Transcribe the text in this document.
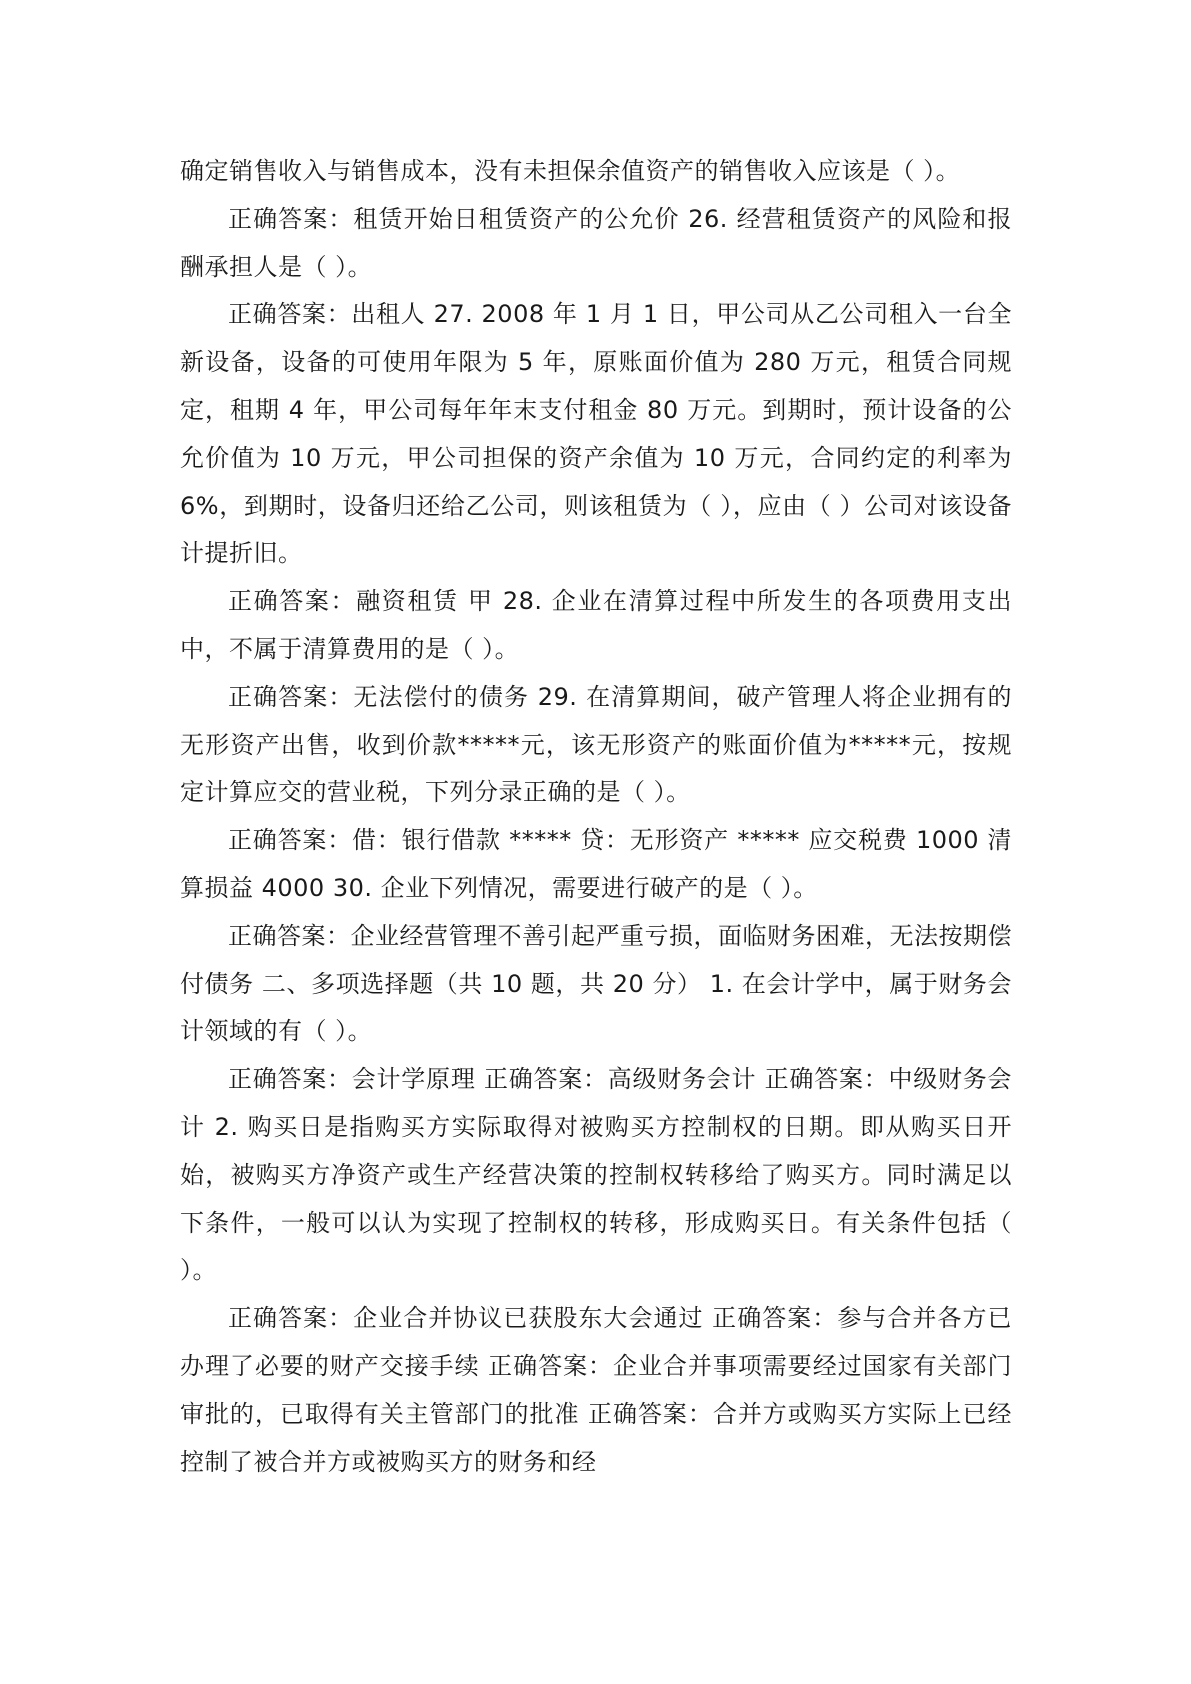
确定销售收入与销售成本，没有未担保余值资产的销售收入应该是（ ）。

正确答案：租赁开始日租赁资产的公允价 26. 经营租赁资产的风险和报酬承担人是（ ）。

正确答案：出租人 27. 2008 年 1 月 1 日，甲公司从乙公司租入一台全新设备，设备的可使用年限为 5 年，原账面价值为 280 万元，租赁合同规定，租期 4 年，甲公司每年年末支付租金 80 万元。到期时，预计设备的公允价值为 10 万元，甲公司担保的资产余值为 10 万元，合同约定的利率为 6%，到期时，设备归还给乙公司，则该租赁为（ ），应由（ ）公司对该设备计提折旧。

正确答案：融资租赁 甲 28. 企业在清算过程中所发生的各项费用支出中，不属于清算费用的是（ ）。

正确答案：无法偿付的债务 29. 在清算期间，破产管理人将企业拥有的无形资产出售，收到价款*****元，该无形资产的账面价值为*****元，按规定计算应交的营业税，下列分录正确的是（ ）。

正确答案：借：银行借款 ***** 贷：无形资产 ***** 应交税费 1000 清算损益 4000 30. 企业下列情况，需要进行破产的是（ ）。

正确答案：企业经营管理不善引起严重亏损，面临财务困难，无法按期偿付债务 二、多项选择题（共 10 题，共 20 分） 1. 在会计学中，属于财务会计领域的有（ ）。

正确答案：会计学原理 正确答案：高级财务会计 正确答案：中级财务会计 2. 购买日是指购买方实际取得对被购买方控制权的日期。即从购买日开始，被购买方净资产或生产经营决策的控制权转移给了购买方。同时满足以下条件，一般可以认为实现了控制权的转移，形成购买日。有关条件包括（ ）。

正确答案：企业合并协议已获股东大会通过 正确答案：参与合并各方已办理了必要的财产交接手续 正确答案：企业合并事项需要经过国家有关部门审批的，已取得有关主管部门的批准 正确答案：合并方或购买方实际上已经控制了被合并方或被购买方的财务和经
